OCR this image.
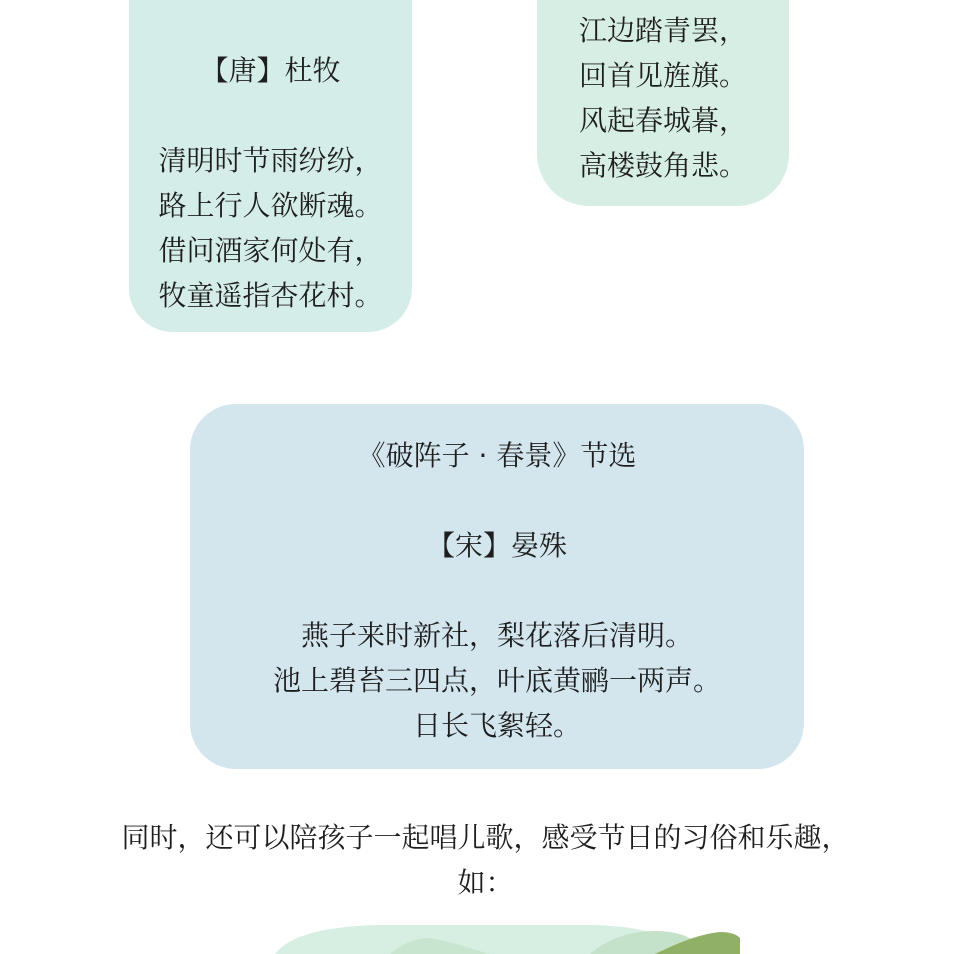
【唐】杜牧
清明时节雨纷纷，
路上行人欲断魂。
借问酒家何处有，
牧童遥指杏花村。
江边踏青罢，
回首见旌旗。
风起春城暮，
高楼鼓角悲。
《破阵子 · 春景》节选
【宋】晏殊
燕子来时新社，梨花落后清明。
池上碧苔三四点，叶底黄鹂一两声。
日长飞絮轻。
同时，还可以陪孩子一起唱儿歌，感受节日的习俗和乐趣，
如：
